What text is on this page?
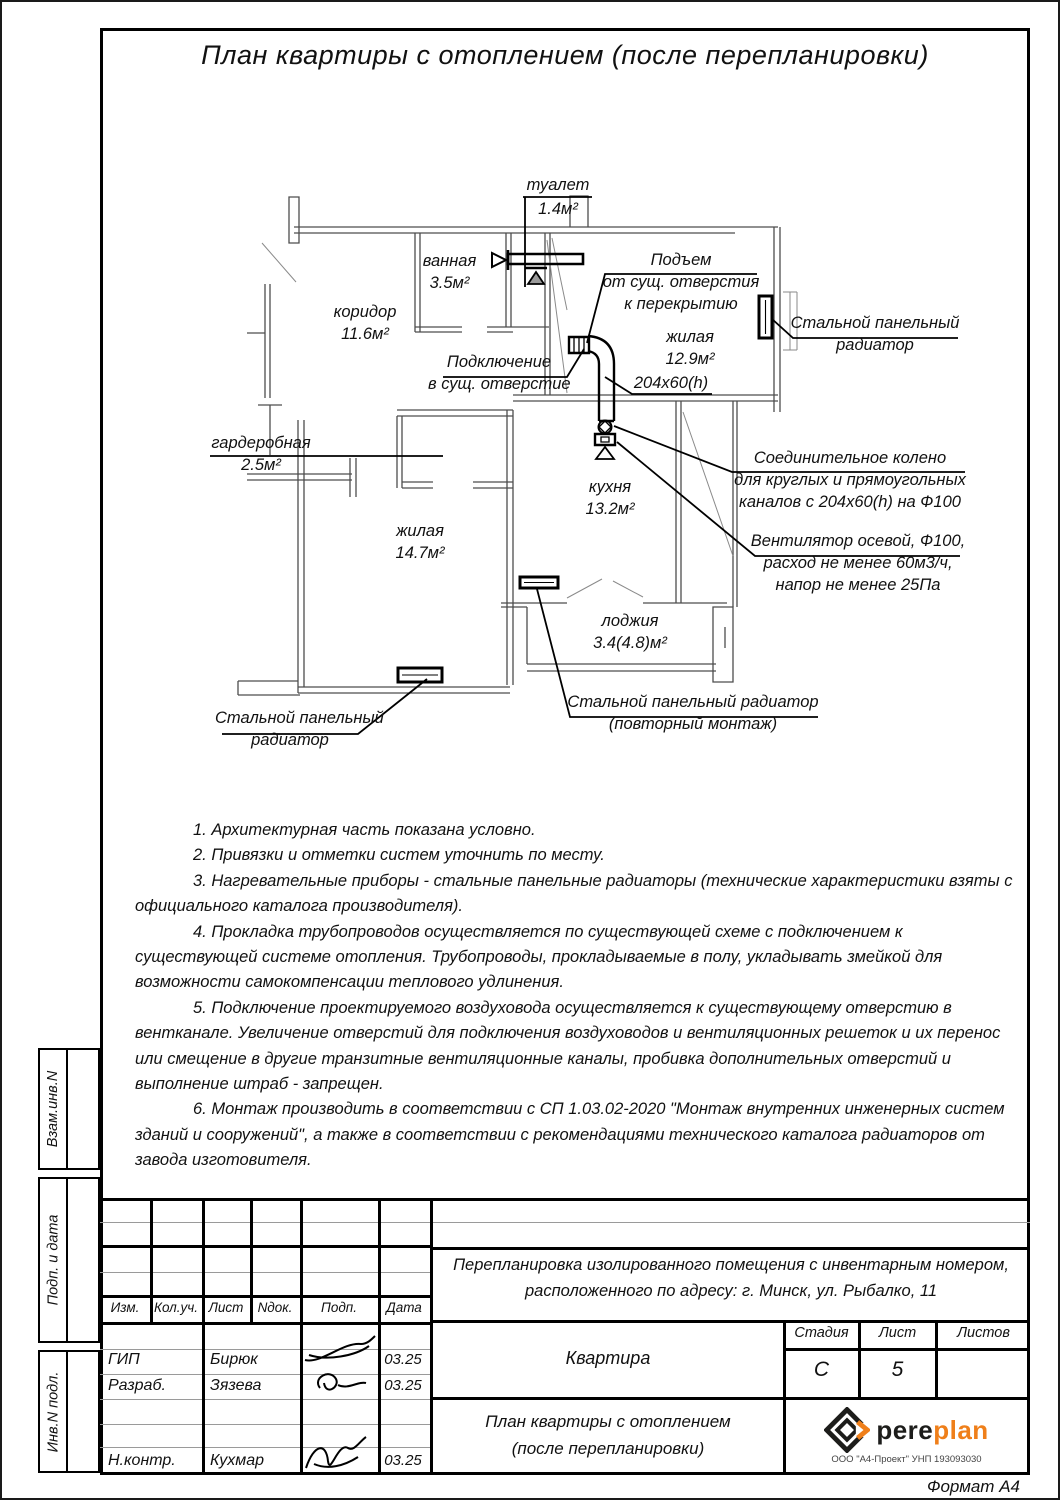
План квартиры с отоплением (после перепланировки)
туалет
1.4м²
ванная
3.5м²
коридор
11.6м²	жилая
12.9м²
гардеробная
2.5м²
жилая
14.7м²
кухня
13.2м²
лоджия
3.4(4.8)м²
Подъем
от сущ. отверстия
к перекрытию
204x60(h)
Подключение
в сущ. отверстие
Стальной панельный
радиатор
Соединительное колено
для круглых и прямоугольных
каналов с 204x60(h) на Ф100
Вентилятор осевой, Ф100,
расход не менее 60м3/ч,
напор не менее 25Па
Стальной панельный радиатор
(повторный монтаж)
Стальной панельный
радиатор

1. Архитектурная часть показана условно.

2. Привязки и отметки систем уточнить по месту.

3. Нагревательные приборы - стальные панельные радиаторы (технические характеристики взяты с официального каталога производителя).

4. Прокладка трубопроводов осуществляется по существующей схеме с подключением к существующей системе отопления. Трубопроводы, прокладываемые в полу, укладывать змейкой для возможности самокомпенсации теплового удлинения.

5. Подключение проектируемого воздуховода осуществляется к существующему отверстию в вентканале. Увеличение отверстий для подключения воздуховодов и вентиляционных решеток и их перенос или смещение в другие транзитные вентиляционные каналы, пробивка дополнительных отверстий и выполнение штраб - запрещен.

6. Монтаж производить в соответствии с СП 1.03.02-2020 "Монтаж внутренних инженерных систем зданий и сооружений", а также в соответствии с рекомендациями технического каталога радиаторов от завода изготовителя.

Взам.инв.N
Подп. и дата
Инв.N подл.
Изм.	Кол.уч. Лист	Nдок.	Подп.	Дата
ГИП	Бирюк	03.25
Разраб.	Зязева	03.25
Н.контр. Кухмар	03.25
Перепланировка изолированного помещения с инвентарным номером,
расположенного по адресу: г. Минск, ул. Рыбалко, 11
Квартира
Стадия	Лист	Листов
С	5
План квартиры с отоплением
(после перепланировки)
pereplan
ООО "А4-Проект" УНП 193093030
Формат А4
